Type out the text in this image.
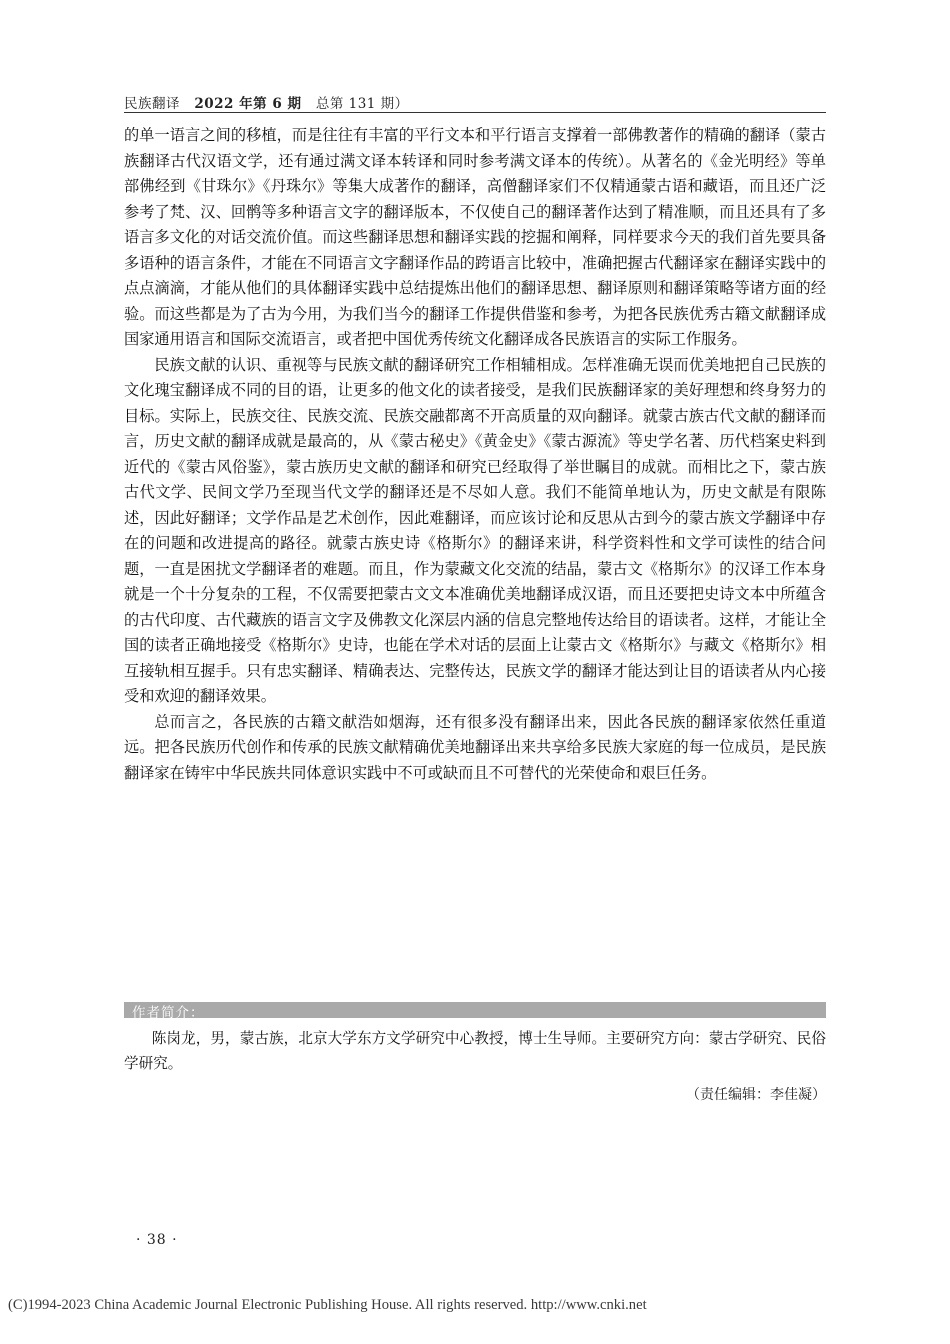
民族翻译 2022 年第 6 期 总第 131 期）

的单一语言之间的移植，而是往往有丰富的平行文本和平行语言支撑着一部佛教著作的精确的翻译（蒙古族翻译古代汉语文学，还有通过满文译本转译和同时参考满文译本的传统）。从著名的《金光明经》等单部佛经到《甘珠尔》《丹珠尔》等集大成著作的翻译，高僧翻译家们不仅精通蒙古语和藏语，而且还广泛参考了梵、汉、回鹘等多种语言文字的翻译版本，不仅使自己的翻译著作达到了精准顺，而且还具有了多语言多文化的对话交流价值。而这些翻译思想和翻译实践的挖掘和阐释，同样要求今天的我们首先要具备多语种的语言条件，才能在不同语言文字翻译作品的跨语言比较中，准确把握古代翻译家在翻译实践中的点点滴滴，才能从他们的具体翻译实践中总结提炼出他们的翻译思想、翻译原则和翻译策略等诸方面的经验。而这些都是为了古为今用，为我们当今的翻译工作提供借鉴和参考，为把各民族优秀古籍文献翻译成国家通用语言和国际交流语言，或者把中国优秀传统文化翻译成各民族语言的实际工作服务。

民族文献的认识、重视等与民族文献的翻译研究工作相辅相成。怎样准确无误而优美地把自己民族的文化瑰宝翻译成不同的目的语，让更多的他文化的读者接受，是我们民族翻译家的美好理想和终身努力的目标。实际上，民族交往、民族交流、民族交融都离不开高质量的双向翻译。就蒙古族古代文献的翻译而言，历史文献的翻译成就是最高的，从《蒙古秘史》《黄金史》《蒙古源流》等史学名著、历代档案史料到近代的《蒙古风俗鉴》，蒙古族历史文献的翻译和研究已经取得了举世瞩目的成就。而相比之下，蒙古族古代文学、民间文学乃至现当代文学的翻译还是不尽如人意。我们不能简单地认为，历史文献是有限陈述，因此好翻译；文学作品是艺术创作，因此难翻译，而应该讨论和反思从古到今的蒙古族文学翻译中存在的问题和改进提高的路径。就蒙古族史诗《格斯尔》的翻译来讲，科学资料性和文学可读性的结合问题，一直是困扰文学翻译者的难题。而且，作为蒙藏文化交流的结晶，蒙古文《格斯尔》的汉译工作本身就是一个十分复杂的工程，不仅需要把蒙古文文本准确优美地翻译成汉语，而且还要把史诗文本中所蕴含的古代印度、古代藏族的语言文字及佛教文化深层内涵的信息完整地传达给目的语读者。这样，才能让全国的读者正确地接受《格斯尔》史诗，也能在学术对话的层面上让蒙古文《格斯尔》与藏文《格斯尔》相互接轨相互握手。只有忠实翻译、精确表达、完整传达，民族文学的翻译才能达到让目的语读者从内心接受和欢迎的翻译效果。

总而言之，各民族的古籍文献浩如烟海，还有很多没有翻译出来，因此各民族的翻译家依然任重道远。把各民族历代创作和传承的民族文献精确优美地翻译出来共享给多民族大家庭的每一位成员，是民族翻译家在铸牢中华民族共同体意识实践中不可或缺而且不可替代的光荣使命和艰巨任务。

作者简介：

陈岗龙，男，蒙古族，北京大学东方文学研究中心教授，博士生导师。主要研究方向：蒙古学研究、民俗学研究。

（责任编辑：李佳凝）
· 38 ·
(C)1994-2023 China Academic Journal Electronic Publishing House. All rights reserved. http://www.cnki.net
